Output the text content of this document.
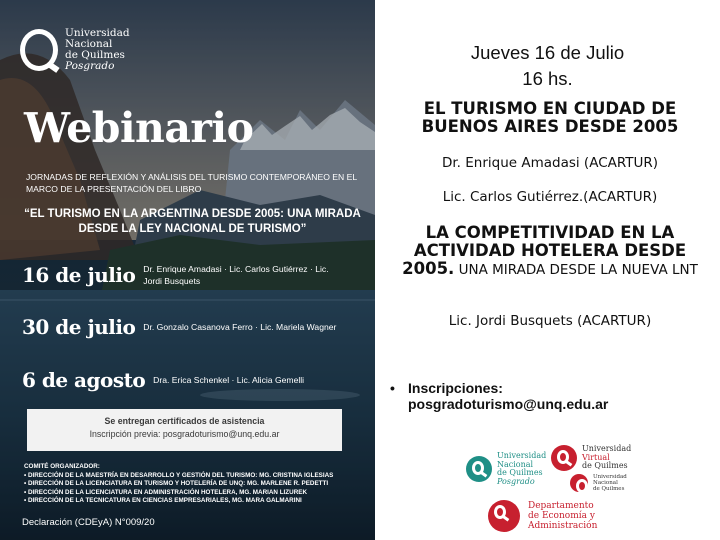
Universidad
Nacional
de Quilmes
Posgrado
Webinario
JORNADAS DE REFLEXIÓN Y ANÁLISIS DEL TURISMO CONTEMPORÁNEO EN EL MARCO DE LA PRESENTACIÓN DEL LIBRO
“EL TURISMO EN LA ARGENTINA DESDE 2005: UNA MIRADA DESDE LA LEY NACIONAL DE TURISMO”
16 de julio Dr. Enrique Amadasi · Lic. Carlos Gutiérrez · Lic. Jordi Busquets
30 de julio Dr. Gonzalo Casanova Ferro · Lic. Mariela Wagner
6 de agosto Dra. Erica Schenkel · Lic. Alicia Gemelli
Se entregan certificados de asistencia
Inscripción previa: posgradoturismo@unq.edu.ar
COMITÉ ORGANIZADOR:
• DIRECCIÓN DE LA MAESTRÍA EN DESARROLLO Y GESTIÓN DEL TURISMO: MG. CRISTINA IGLESIAS
• DIRECCIÓN DE LA LICENCIATURA EN TURISMO Y HOTELERÍA DE UNQ: MG. MARLENE R. PEDETTI
• DIRECCIÓN DE LA LICENCIATURA EN ADMINISTRACIÓN HOTELERA, MG. MARIAN LIZUREK
• DIRECCIÓN DE LA TECNICATURA EN CIENCIAS EMPRESARIALES, MG. MARA GALMARINI
Declaración (CDEyA) N°009/20
Jueves 16 de Julio
16 hs.
EL TURISMO EN CIUDAD DE BUENOS AIRES DESDE 2005
Dr. Enrique Amadasi (ACARTUR)
Lic. Carlos Gutiérrez.(ACARTUR)
LA COMPETITIVIDAD EN LA ACTIVIDAD HOTELERA DESDE 2005. UNA MIRADA DESDE LA NUEVA LNT
Lic. Jordi Busquets (ACARTUR)
• Inscripciones:
posgradoturismo@unq.edu.ar
Universidad
Nacional
de Quilmes
Posgrado
Universidad
Virtual
de Quilmes
Universidad
Nacional
de Quilmes
Departamento
de Economía y
Administración
